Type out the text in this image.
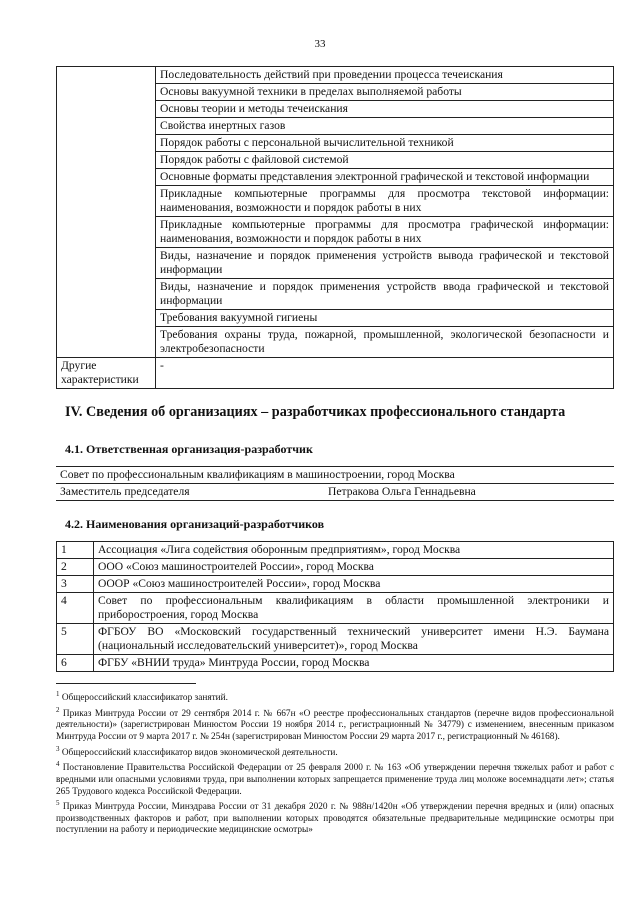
33
	Последовательность действий при проведении процесса течеискания
	Основы вакуумной техники в пределах выполняемой работы
	Основы теории и методы течеискания
	Свойства инертных газов
	Порядок работы с персональной вычислительной техникой
	Порядок работы с файловой системой
	Основные форматы представления электронной графической и текстовой информации
	Прикладные компьютерные программы для просмотра текстовой информации: наименования, возможности и порядок работы в них
	Прикладные компьютерные программы для просмотра графической информации: наименования, возможности и порядок работы в них
	Виды, назначение и порядок применения устройств вывода графической и текстовой информации
	Виды, назначение и порядок применения устройств ввода графической и текстовой информации
	Требования вакуумной гигиены
	Требования охраны труда, пожарной, промышленной, экологической безопасности и электробезопасности
Другие характеристики	-
IV. Сведения об организациях – разработчиках профессионального стандарта
4.1. Ответственная организация-разработчик
Совет по профессиональным квалификациям в машиностроении, город Москва
Заместитель председателя	Петракова Ольга Геннадьевна
4.2. Наименования организаций-разработчиков
1	Ассоциация «Лига содействия оборонным предприятиям», город Москва
2	ООО «Союз машиностроителей России», город Москва
3	ОООР «Союз машиностроителей России», город Москва
4	Совет по профессиональным квалификациям в области промышленной электроники и приборостроения, город Москва
5	ФГБОУ ВО «Московский государственный технический университет имени Н.Э. Баумана (национальный исследовательский университет)», город Москва
6	ФГБУ «ВНИИ труда» Минтруда России, город Москва

$^1$ Общероссийский классификатор занятий.

$^2$ Приказ Минтруда России от 29 сентября 2014 г. № 667н «О реестре профессиональных стандартов (перечне видов профессиональной деятельности)» (зарегистрирован Минюстом России 19 ноября 2014 г., регистрационный № 34779) с изменением, внесенным приказом Минтруда России от 9 марта 2017 г. № 254н (зарегистрирован Минюстом России 29 марта 2017 г., регистрационный № 46168).

$^3$ Общероссийский классификатор видов экономической деятельности.

$^4$ Постановление Правительства Российской Федерации от 25 февраля 2000 г. № 163 «Об утверждении перечня тяжелых работ и работ с вредными или опасными условиями труда, при выполнении которых запрещается применение труда лиц моложе восемнадцати лет»; статья 265 Трудового кодекса Российской Федерации.

$^5$ Приказ Минтруда России, Минздрава России от 31 декабря 2020 г. № 988н/1420н «Об утверждении перечня вредных и (или) опасных производственных факторов и работ, при выполнении которых проводятся обязательные предварительные медицинские осмотры при поступлении на работу и периодические медицинские осмотры»
